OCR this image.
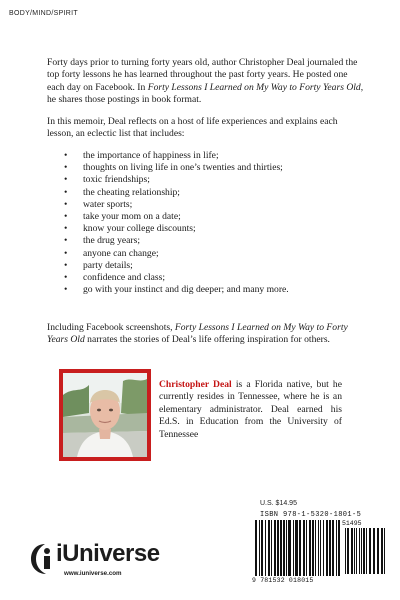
BODY/MIND/SPIRIT

Forty days prior to turning forty years old, author Christopher Deal journaled the top forty lessons he has learned throughout the past forty years. He posted one each day on Facebook. In Forty Lessons I Learned on My Way to Forty Years Old, he shares those postings in book format.

In this memoir, Deal reflects on a host of life experiences and explains each lesson, an eclectic list that includes:

• the importance of happiness in life;
• thoughts on living life in one’s twenties and thirties;
• toxic friendships;
• the cheating relationship;
• water sports;
• take your mom on a date;
• know your college discounts;
• the drug years;
• anyone can change;
• party details;
• confidence and class;
• go with your instinct and dig deeper; and many more.

Including Facebook screenshots, Forty Lessons I Learned on My Way to Forty Years Old narrates the stories of Deal’s life offering inspiration for others.

Christopher Deal is a Florida native, but he currently resides in Tennessee, where he is an elementary administrator. Deal earned his Ed.S. in Education from the University of Tennessee

U.S. $14.95
ISBN 978-1-5320-1801-5
51495
9 781532 018015
iUniverse
www.iuniverse.com
